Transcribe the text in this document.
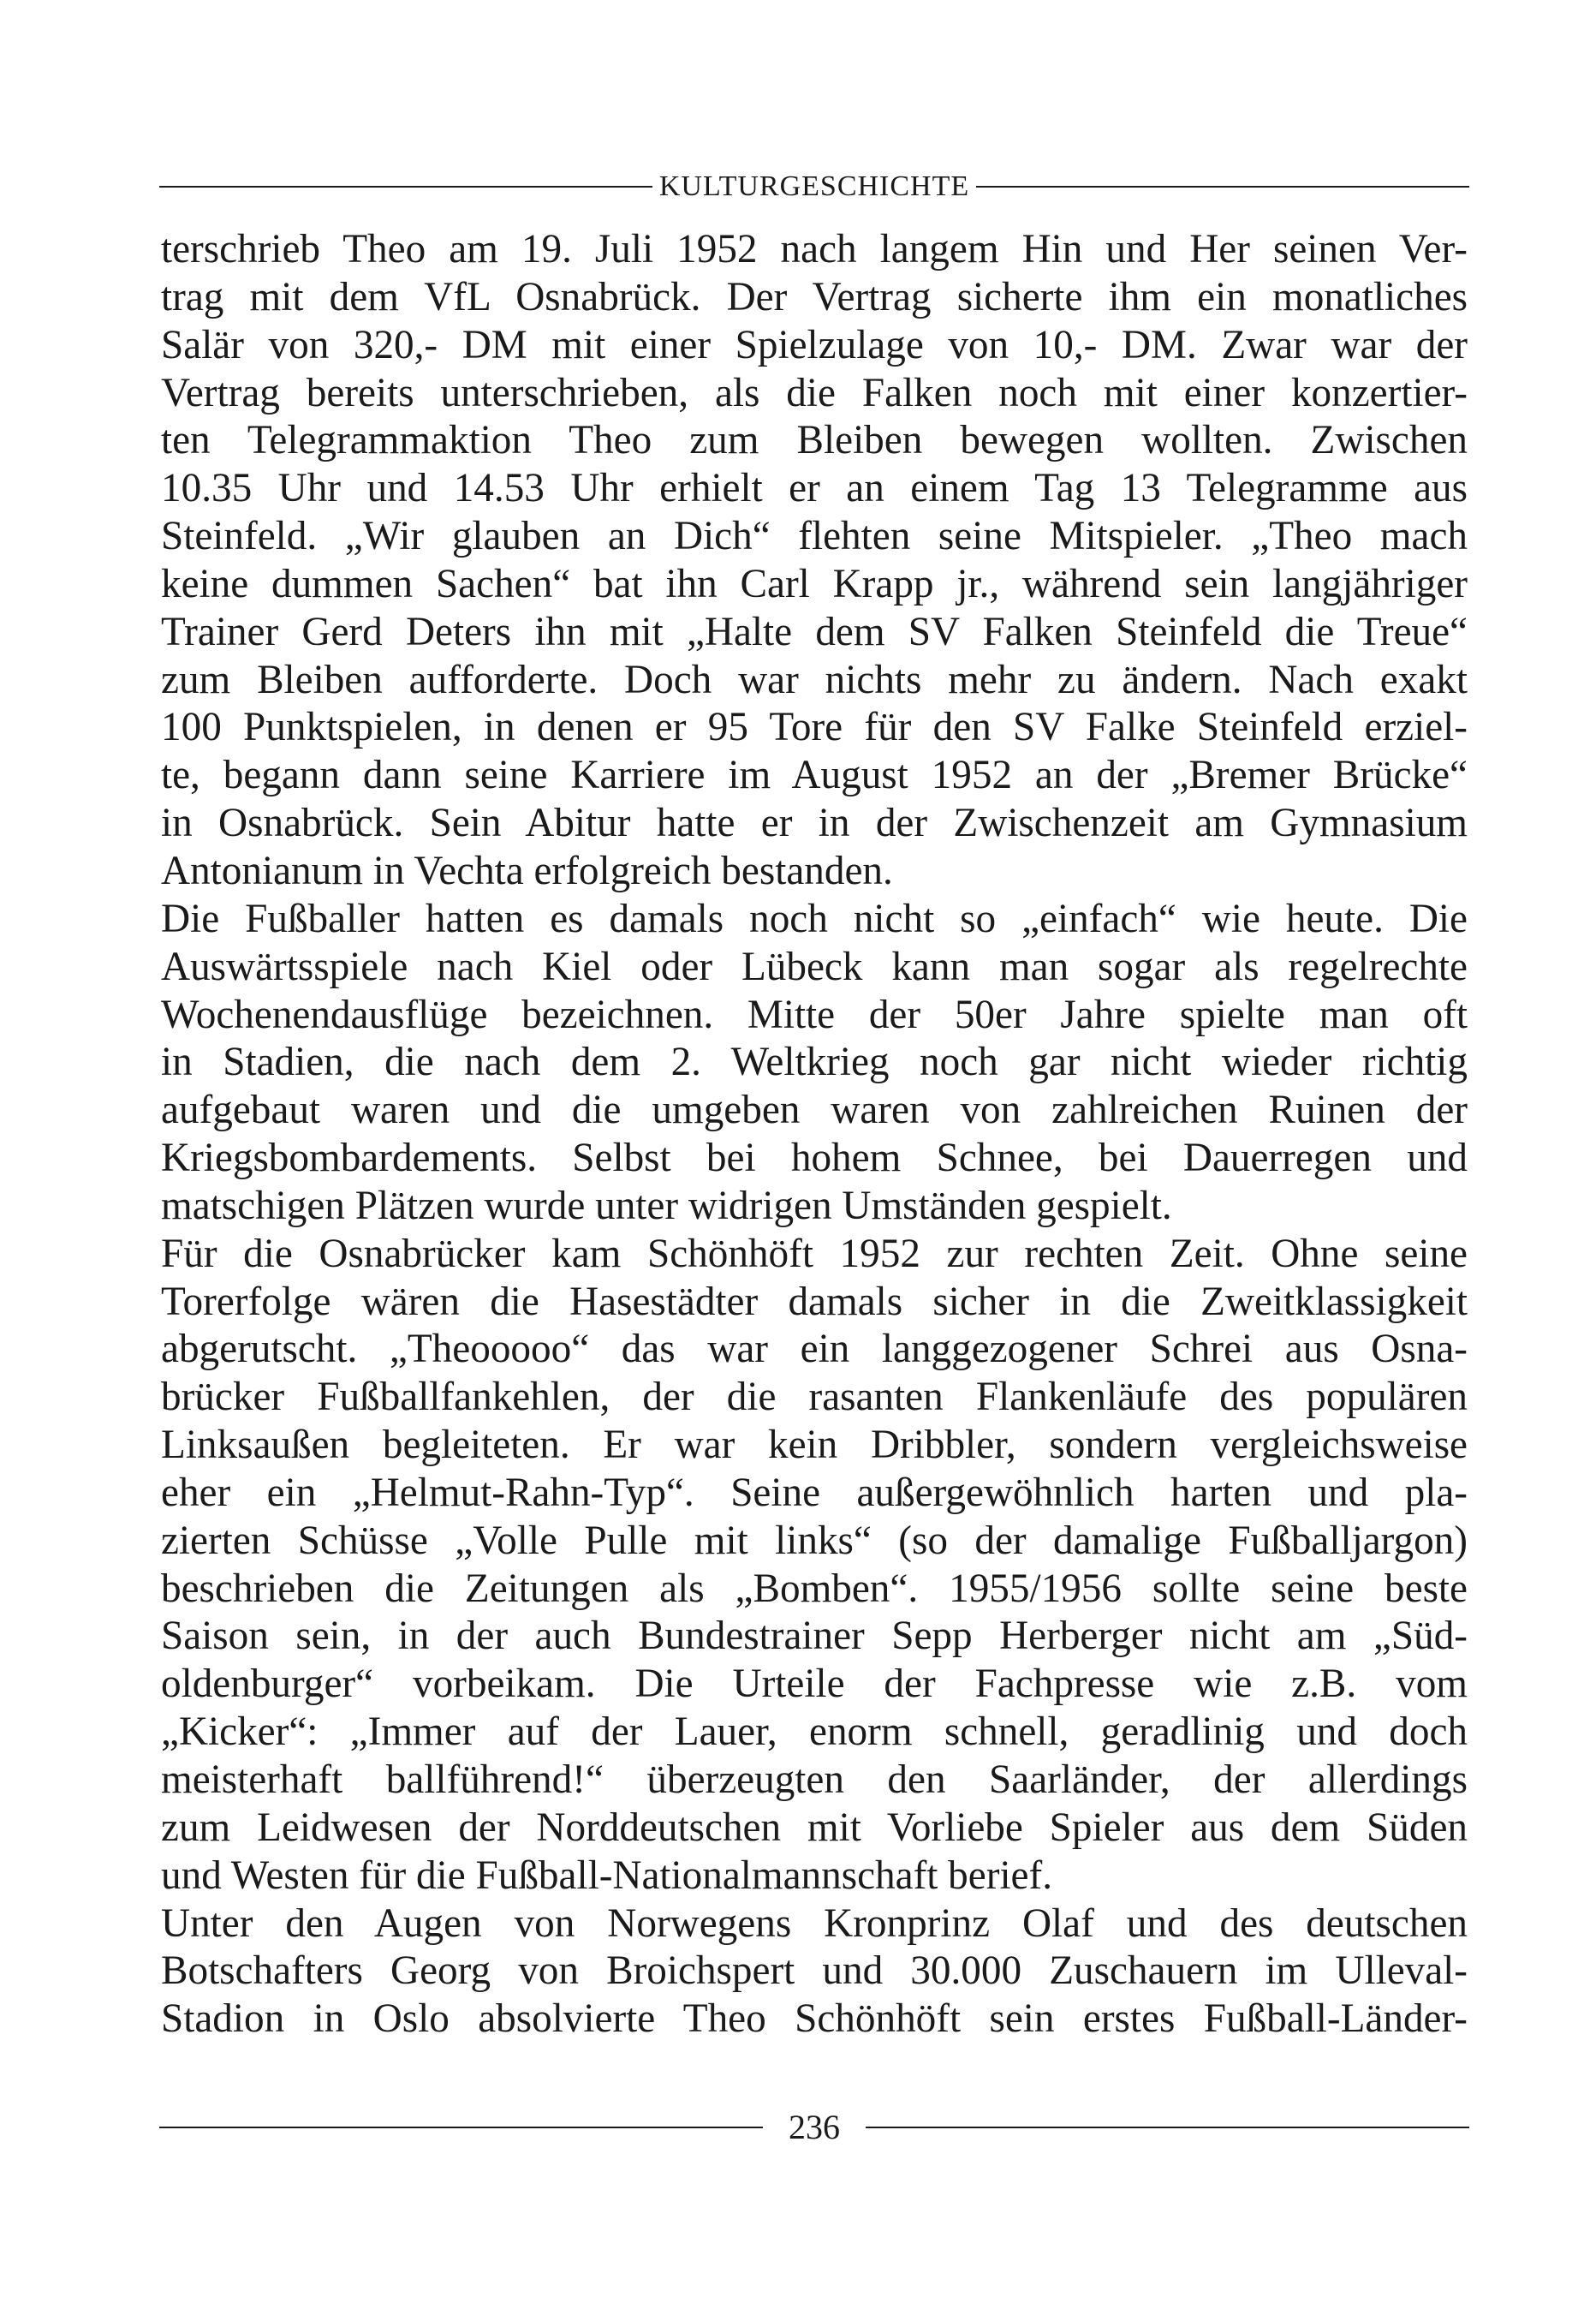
KULTURGESCHICHTE
terschrieb Theo am 19. Juli 1952 nach langem Hin und Her seinen Ver-
trag mit dem VfL Osnabrück. Der Vertrag sicherte ihm ein monatliches
Salär von 320,- DM mit einer Spielzulage von 10,- DM. Zwar war der
Vertrag bereits unterschrieben, als die Falken noch mit einer konzertier-
ten Telegrammaktion Theo zum Bleiben bewegen wollten. Zwischen
10.35 Uhr und 14.53 Uhr erhielt er an einem Tag 13 Telegramme aus
Steinfeld. „Wir glauben an Dich“ flehten seine Mitspieler. „Theo mach
keine dummen Sachen“ bat ihn Carl Krapp jr., während sein langjähriger
Trainer Gerd Deters ihn mit „Halte dem SV Falken Steinfeld die Treue“
zum Bleiben aufforderte. Doch war nichts mehr zu ändern. Nach exakt
100 Punktspielen, in denen er 95 Tore für den SV Falke Steinfeld erziel-
te, begann dann seine Karriere im August 1952 an der „Bremer Brücke“
in Osnabrück. Sein Abitur hatte er in der Zwischenzeit am Gymnasium
Antonianum in Vechta erfolgreich bestanden.
Die Fußballer hatten es damals noch nicht so „einfach“ wie heute. Die
Auswärtsspiele nach Kiel oder Lübeck kann man sogar als regelrechte
Wochenendausflüge bezeichnen. Mitte der 50er Jahre spielte man oft
in Stadien, die nach dem 2. Weltkrieg noch gar nicht wieder richtig
aufgebaut waren und die umgeben waren von zahlreichen Ruinen der
Kriegsbombardements. Selbst bei hohem Schnee, bei Dauerregen und
matschigen Plätzen wurde unter widrigen Umständen gespielt.
Für die Osnabrücker kam Schönhöft 1952 zur rechten Zeit. Ohne seine
Torerfolge wären die Hasestädter damals sicher in die Zweitklassigkeit
abgerutscht. „Theooooo“ das war ein langgezogener Schrei aus Osna-
brücker Fußballfankehlen, der die rasanten Flankenläufe des populären
Linksaußen begleiteten. Er war kein Dribbler, sondern vergleichsweise
eher ein „Helmut-Rahn-Typ“. Seine außergewöhnlich harten und pla-
zierten Schüsse „Volle Pulle mit links“ (so der damalige Fußballjargon)
beschrieben die Zeitungen als „Bomben“. 1955/1956 sollte seine beste
Saison sein, in der auch Bundestrainer Sepp Herberger nicht am „Süd-
oldenburger“ vorbeikam. Die Urteile der Fachpresse wie z.B. vom
„Kicker“: „Immer auf der Lauer, enorm schnell, geradlinig und doch
meisterhaft ballführend!“ überzeugten den Saarländer, der allerdings
zum Leidwesen der Norddeutschen mit Vorliebe Spieler aus dem Süden
und Westen für die Fußball-Nationalmannschaft berief.
Unter den Augen von Norwegens Kronprinz Olaf und des deutschen
Botschafters Georg von Broichspert und 30.000 Zuschauern im Ulleval-
Stadion in Oslo absolvierte Theo Schönhöft sein erstes Fußball-Länder-
236
